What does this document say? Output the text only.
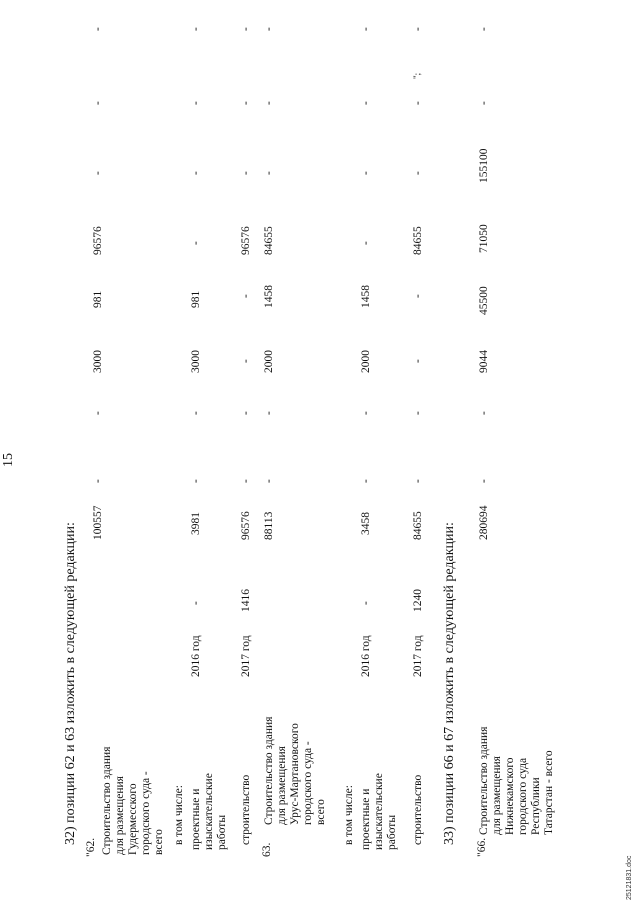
15
32) позиции 62 и 63 изложить в следующей редакции:
"62. Строительство здания для размещения Гудермесского городского суда - всего
100557
-
-
3000
981
96576
-
-
-
в том числе: проектные и изыскательские работы
2016 год
-
3981
-
-
3000
981
-
-
-
-
строительство
2017 год
1416
96576
-
-
-
-
96576
-
-
-
63.
Строительство здания для размещения Урус-Мартановского городского суда - всего
88113
-
-
2000
1458
84655
-
-
-
в том числе: проектные и изыскательские работы
2016 год
-
3458
-
-
2000
1458
-
-
-
-
строительство
2017 год
1240
84655
-
-
-
-
84655
-
-
-
";
33) позиции 66 и 67 изложить в следующей редакции:
"66.
Строительство здания для размещения Нижнекамского городского суда Республики Татарстан - всего
280694
-
-
9044
45500
71050
155100
-
-
25121831.doc
